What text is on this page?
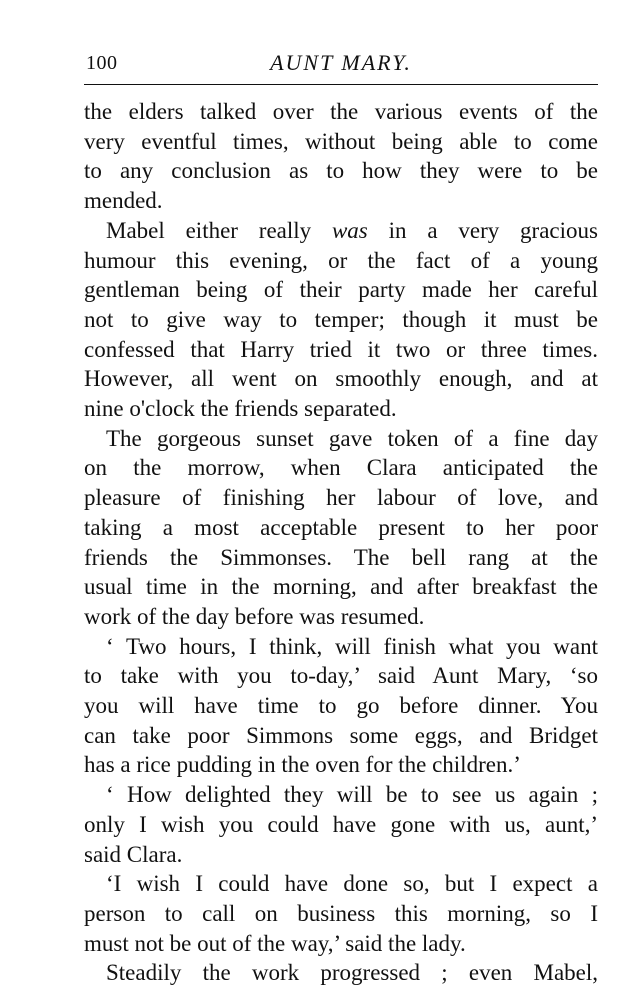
100	AUNT MARY.

the elders talked over the various events of the
very eventful times, without being able to come
to any conclusion as to how they were to be
mended.

Mabel either really was in a very gracious
humour this evening, or the fact of a young
gentleman being of their party made her careful
not to give way to temper; though it must be
confessed that Harry tried it two or three times.
However, all went on smoothly enough, and at
nine o'clock the friends separated.

The gorgeous sunset gave token of a fine day
on the morrow, when Clara anticipated the
pleasure of finishing her labour of love, and
taking a most acceptable present to her poor
friends the Simmonses. The bell rang at the
usual time in the morning, and after breakfast the
work of the day before was resumed.

‘ Two hours, I think, will finish what you want
to take with you to-day,’ said Aunt Mary, ‘so
you will have time to go before dinner. You
can take poor Simmons some eggs, and Bridget
has a rice pudding in the oven for the children.’

‘ How delighted they will be to see us again ;
only I wish you could have gone with us, aunt,’
said Clara.

‘I wish I could have done so, but I expect a
person to call on business this morning, so I
must not be out of the way,’ said the lady.

Steadily the work progressed ; even Mabel,
